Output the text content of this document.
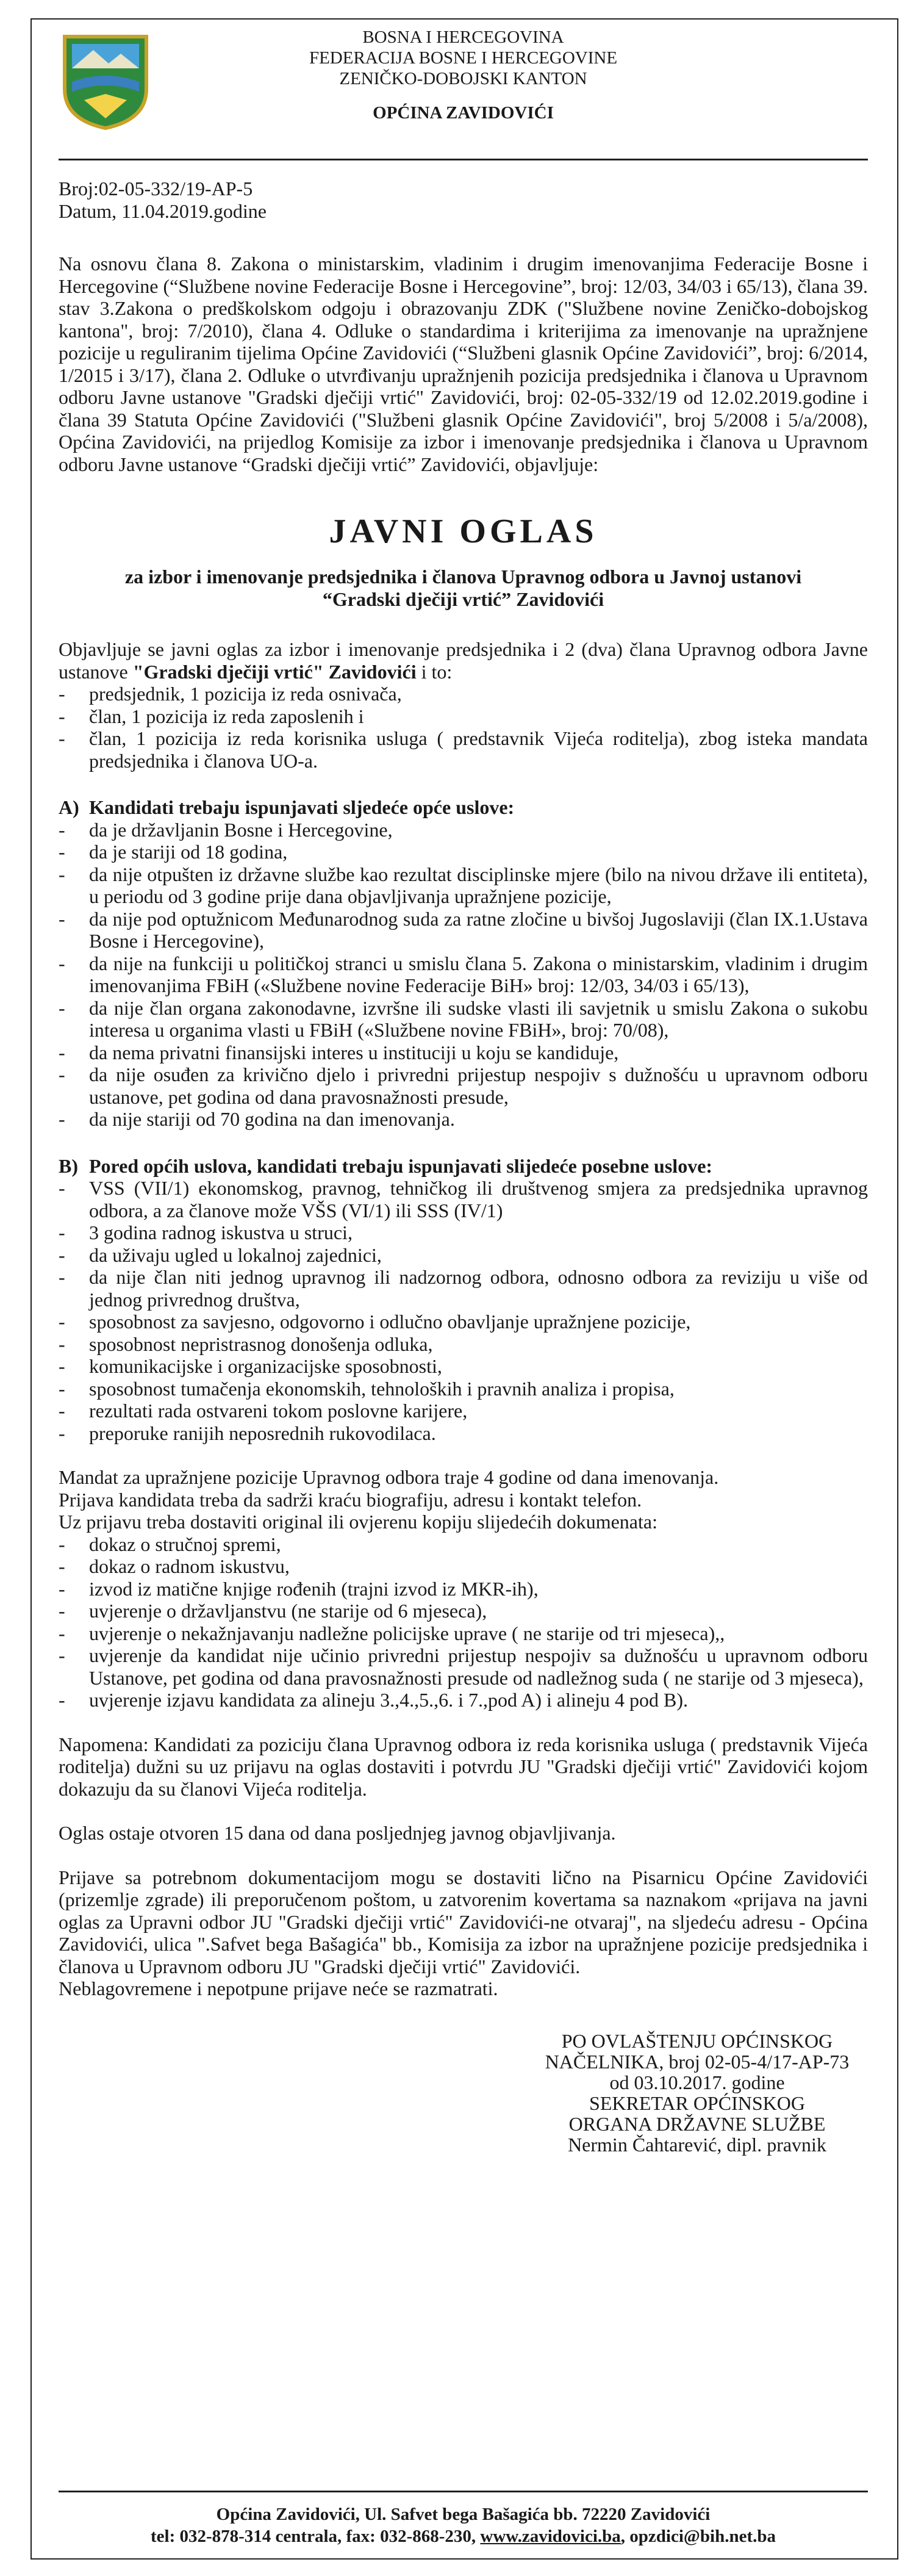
BOSNA I HERCEGOVINA
FEDERACIJA BOSNE I HERCEGOVINE
ZENIČKO-DOBOJSKI KANTON
OPĆINA ZAVIDOVIĆI
Broj:02-05-332/19-AP-5
Datum, 11.04.2019.godine

Na osnovu člana 8. Zakona o ministarskim, vladinim i drugim imenovanjima Federacije Bosne i Hercegovine (“Službene novine Federacije Bosne i Hercegovine”, broj: 12/03, 34/03 i 65/13), člana 39. stav 3.Zakona o predškolskom odgoju i obrazovanju ZDK ("Službene novine Zeničko-dobojskog kantona", broj: 7/2010), člana 4. Odluke o standardima i kriterijima za imenovanje na upražnjene pozicije u reguliranim tijelima Općine Zavidovići (“Službeni glasnik Općine Zavidovići”, broj: 6/2014, 1/2015 i 3/17), člana 2. Odluke o utvrđivanju upražnjenih pozicija predsjednika i članova u Upravnom odboru Javne ustanove "Gradski dječiji vrtić" Zavidovići, broj: 02-05-332/19 od 12.02.2019.godine i člana 39 Statuta Općine Zavidovići ("Službeni glasnik Općine Zavidovići", broj 5/2008 i 5/a/2008), Općina Zavidovići, na prijedlog Komisije za izbor i imenovanje predsjednika i članova u Upravnom odboru Javne ustanove “Gradski dječiji vrtić” Zavidovići, objavljuje:

JAVNI OGLAS
za izbor i imenovanje predsjednika i članova Upravnog odbora u Javnoj ustanovi
“Gradski dječiji vrtić” Zavidovići

Objavljuje se javni oglas za izbor i imenovanje predsjednika i 2 (dva) člana Upravnog odbora Javne ustanove "Gradski dječiji vrtić" Zavidovići i to:

- predsjednik, 1 pozicija iz reda osnivača,
- član, 1 pozicija iz reda zaposlenih i
- član, 1 pozicija iz reda korisnika usluga ( predstavnik Vijeća roditelja), zbog isteka mandata predsjednika i članova UO-a.
A) Kandidati trebaju ispunjavati sljedeće opće uslove:
- da je državljanin Bosne i Hercegovine,
- da je stariji od 18 godina,
- da nije otpušten iz državne službe kao rezultat disciplinske mjere (bilo na nivou države ili entiteta), u periodu od 3 godine prije dana objavljivanja upražnjene pozicije,
- da nije pod optužnicom Međunarodnog suda za ratne zločine u bivšoj Jugoslaviji (član IX.1.Ustava Bosne i Hercegovine),
- da nije na funkciji u političkoj stranci u smislu člana 5. Zakona o ministarskim, vladinim i drugim imenovanjima FBiH («Službene novine Federacije BiH» broj: 12/03, 34/03 i 65/13),
- da nije član organa zakonodavne, izvršne ili sudske vlasti ili savjetnik u smislu Zakona o sukobu interesa u organima vlasti u FBiH («Službene novine FBiH», broj: 70/08),
- da nema privatni finansijski interes u instituciji u koju se kandiduje,
- da nije osuđen za krivično djelo i privredni prijestup nespojiv s dužnošću u upravnom odboru ustanove, pet godina od dana pravosnažnosti presude,
- da nije stariji od 70 godina na dan imenovanja.
B) Pored općih uslova, kandidati trebaju ispunjavati slijedeće posebne uslove:
- VSS (VII/1) ekonomskog, pravnog, tehničkog ili društvenog smjera za predsjednika upravnog odbora, a za članove može VŠS (VI/1) ili SSS (IV/1)
- 3 godina radnog iskustva u struci,
- da uživaju ugled u lokalnoj zajednici,
- da nije član niti jednog upravnog ili nadzornog odbora, odnosno odbora za reviziju u više od jednog privrednog društva,
- sposobnost za savjesno, odgovorno i odlučno obavljanje upražnjene pozicije,
- sposobnost nepristrasnog donošenja odluka,
- komunikacijske i organizacijske sposobnosti,
- sposobnost tumačenja ekonomskih, tehnoloških i pravnih analiza i propisa,
- rezultati rada ostvareni tokom poslovne karijere,
- preporuke ranijih neposrednih rukovodilaca.

Mandat za upražnjene pozicije Upravnog odbora traje 4 godine od dana imenovanja.

Prijava kandidata treba da sadrži kraću biografiju, adresu i kontakt telefon.

Uz prijavu treba dostaviti original ili ovjerenu kopiju slijedećih dokumenata:

- dokaz o stručnoj spremi,
- dokaz o radnom iskustvu,
- izvod iz matične knjige rođenih (trajni izvod iz MKR-ih),
- uvjerenje o državljanstvu (ne starije od 6 mjeseca),
- uvjerenje o nekažnjavanju nadležne policijske uprave ( ne starije od tri mjeseca),,
- uvjerenje da kandidat nije učinio privredni prijestup nespojiv sa dužnošću u upravnom odboru Ustanove, pet godina od dana pravosnažnosti presude od nadležnog suda ( ne starije od 3 mjeseca),
- uvjerenje izjavu kandidata za alineju 3.,4.,5.,6. i 7.,pod A) i alineju 4 pod B).

Napomena: Kandidati za poziciju člana Upravnog odbora iz reda korisnika usluga ( predstavnik Vijeća roditelja) dužni su uz prijavu na oglas dostaviti i potvrdu JU "Gradski dječiji vrtić" Zavidovići kojom dokazuju da su članovi Vijeća roditelja.

Oglas ostaje otvoren 15 dana od dana posljednjeg javnog objavljivanja.

Prijave sa potrebnom dokumentacijom mogu se dostaviti lično na Pisarnicu Općine Zavidovići (prizemlje zgrade) ili preporučenom poštom, u zatvorenim kovertama sa naznakom «prijava na javni oglas za Upravni odbor JU "Gradski dječiji vrtić" Zavidovići-ne otvaraj", na sljedeću adresu - Općina Zavidovići, ulica ".Safvet bega Bašagića" bb., Komisija za izbor na upražnjene pozicije predsjednika i članova u Upravnom odboru JU "Gradski dječiji vrtić" Zavidovići.

Neblagovremene i nepotpune prijave neće se razmatrati.

PO OVLAŠTENJU OPĆINSKOG
NAČELNIKA, broj 02-05-4/17-AP-73
od 03.10.2017. godine
SEKRETAR OPĆINSKOG
ORGANA DRŽAVNE SLUŽBE
Nermin Čahtarević, dipl. pravnik
Općina Zavidovići, Ul. Safvet bega Bašagića bb. 72220 Zavidovići
tel: 032-878-314 centrala, fax: 032-868-230, www.zavidovici.ba, opzdici@bih.net.ba
